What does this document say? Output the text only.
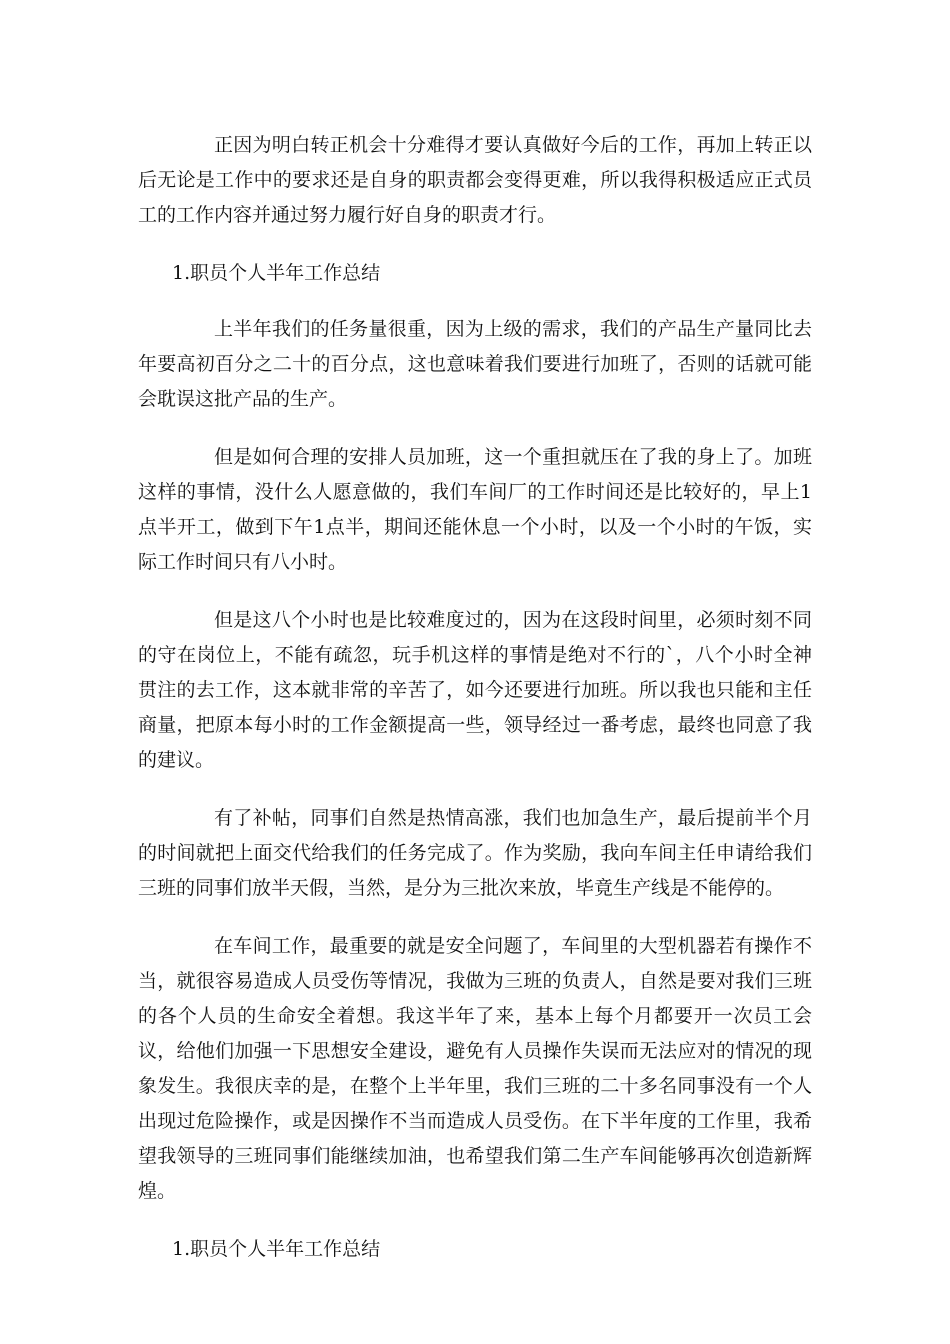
正因为明白转正机会十分难得才要认真做好今后的工作，再加上转正以后无论是工作中的要求还是自身的职责都会变得更难，所以我得积极适应正式员工的工作内容并通过努力履行好自身的职责才行。

1.职员个人半年工作总结

上半年我们的任务量很重，因为上级的需求，我们的产品生产量同比去年要高初百分之二十的百分点，这也意味着我们要进行加班了，否则的话就可能会耽误这批产品的生产。

但是如何合理的安排人员加班，这一个重担就压在了我的身上了。加班这样的事情，没什么人愿意做的，我们车间厂的工作时间还是比较好的，早上1点半开工，做到下午1点半，期间还能休息一个小时，以及一个小时的午饭，实际工作时间只有八小时。

但是这八个小时也是比较难度过的，因为在这段时间里，必须时刻不同的守在岗位上，不能有疏忽，玩手机这样的事情是绝对不行的`，八个小时全神贯注的去工作，这本就非常的辛苦了，如今还要进行加班。所以我也只能和主任商量，把原本每小时的工作金额提高一些，领导经过一番考虑，最终也同意了我的建议。

有了补帖，同事们自然是热情高涨，我们也加急生产，最后提前半个月的时间就把上面交代给我们的任务完成了。作为奖励，我向车间主任申请给我们三班的同事们放半天假，当然，是分为三批次来放，毕竟生产线是不能停的。

在车间工作，最重要的就是安全问题了，车间里的大型机器若有操作不当，就很容易造成人员受伤等情况，我做为三班的负责人，自然是要对我们三班的各个人员的生命安全着想。我这半年了来，基本上每个月都要开一次员工会议，给他们加强一下思想安全建设，避免有人员操作失误而无法应对的情况的现象发生。我很庆幸的是，在整个上半年里，我们三班的二十多名同事没有一个人出现过危险操作，或是因操作不当而造成人员受伤。在下半年度的工作里，我希望我领导的三班同事们能继续加油，也希望我们第二生产车间能够再次创造新辉煌。

1.职员个人半年工作总结
